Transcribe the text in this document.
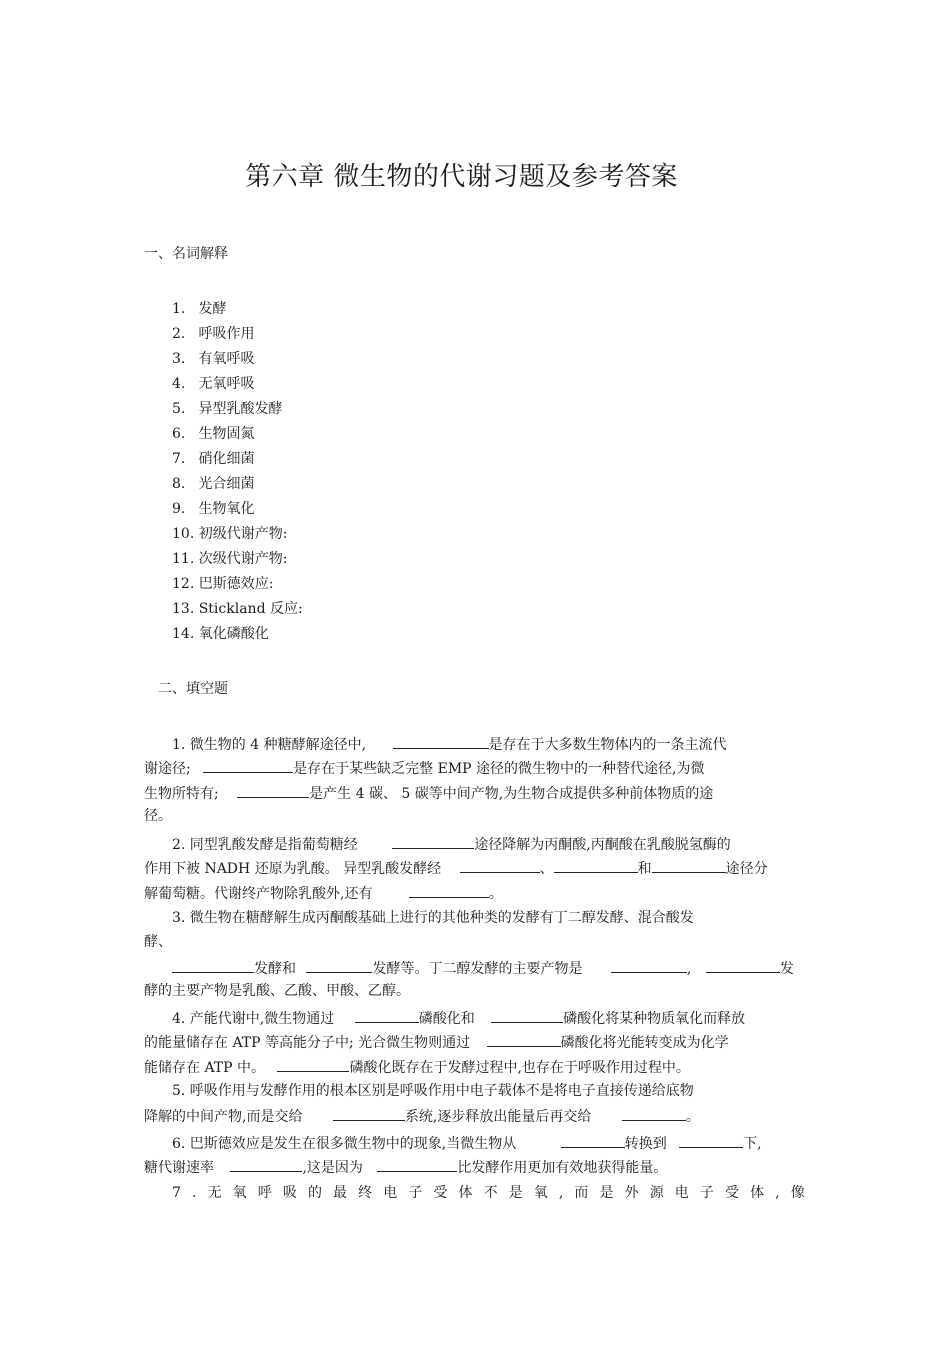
第六章 微生物的代谢习题及参考答案
一、名词解释
1. 发酵
2. 呼吸作用
3. 有氧呼吸
4. 无氧呼吸
5. 异型乳酸发酵
6. 生物固氮
7. 硝化细菌
8. 光合细菌
9. 生物氧化
10. 初级代谢产物:
11. 次级代谢产物:
12. 巴斯德效应:
13. Stickland 反应:
14. 氧化磷酸化
二、填空题
1. 微生物的 4 种糖酵解途径中,	是存在于大多数生物体内的一条主流代
谢途径;	是存在于某些缺乏完整 EMP 途径的微生物中的一种替代途径,为微
生物所特有;	是产生 4 碳、 5 碳等中间产物,为生物合成提供多种前体物质的途
径。
2. 同型乳酸发酵是指葡萄糖经	途径降解为丙酮酸,丙酮酸在乳酸脱氢酶的
作用下被 NADH 还原为乳酸。 异型乳酸发酵经	、	和	途径分
解葡萄糖。代谢终产物除乳酸外,还有	。
3. 微生物在糖酵解生成丙酮酸基础上进行的其他种类的发酵有丁二醇发酵、混合酸发
酵、
发酵和	发酵等。丁二醇发酵的主要产物是	,	发
酵的主要产物是乳酸、乙酸、甲酸、乙醇。
4. 产能代谢中,微生物通过	磷酸化和	磷酸化将某种物质氧化而释放
的能量储存在 ATP 等高能分子中; 光合微生物则通过	磷酸化将光能转变成为化学
能储存在 ATP 中。	磷酸化既存在于发酵过程中,也存在于呼吸作用过程中。
5. 呼吸作用与发酵作用的根本区别是呼吸作用中电子载体不是将电子直接传递给底物
降解的中间产物,而是交给	系统,逐步释放出能量后再交给	。
6. 巴斯德效应是发生在很多微生物中的现象,当微生物从	转换到	下,
糖代谢速率	,这是因为	比发酵作用更加有效地获得能量。
7 . 无 氧 呼 吸 的 最 终 电 子 受 体 不 是 氧 , 而 是 外 源 电 子 受 体 , 像
